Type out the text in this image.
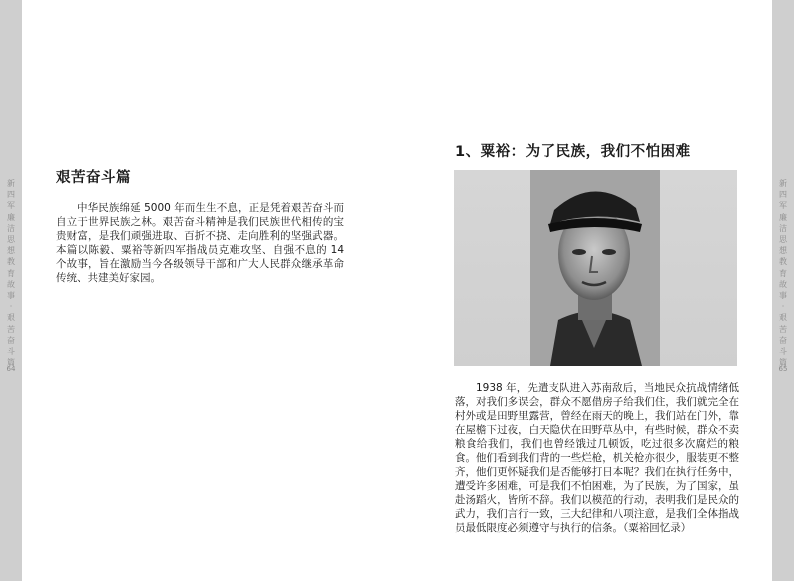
新四军廉洁思想教育故事·艰苦奋斗篇
64
新四军廉洁思想教育故事·艰苦奋斗篇
65
艰苦奋斗篇

中华民族绵延 5000 年而生生不息，正是凭着艰苦奋斗而自立于世界民族之林。艰苦奋斗精神是我们民族世代相传的宝贵财富，是我们顽强进取、百折不挠、走向胜利的坚强武器。本篇以陈毅、粟裕等新四军指战员克难攻坚、自强不息的 14 个故事，旨在激励当今各级领导干部和广大人民群众继承革命传统、共建美好家园。

1、粟裕：为了民族，我们不怕困难

1938 年，先遣支队进入苏南敌后，当地民众抗战情绪低落，对我们多误会，群众不愿借房子给我们住，我们就完全在村外或是田野里露营，曾经在雨天的晚上，我们站在门外，靠在屋檐下过夜，白天隐伏在田野草丛中，有些时候，群众不卖粮食给我们，我们也曾经饿过几顿饭，吃过很多次腐烂的粮食。他们看到我们背的一些烂枪，机关枪亦很少，服装更不整齐，他们更怀疑我们是否能够打日本呢？我们在执行任务中，遭受许多困难，可是我们不怕困难，为了民族，为了国家，虽赴汤蹈火，皆所不辞。我们以模范的行动，表明我们是民众的武力，我们言行一致，三大纪律和八项注意，是我们全体指战员最低限度必须遵守与执行的信条。（粟裕回忆录）
